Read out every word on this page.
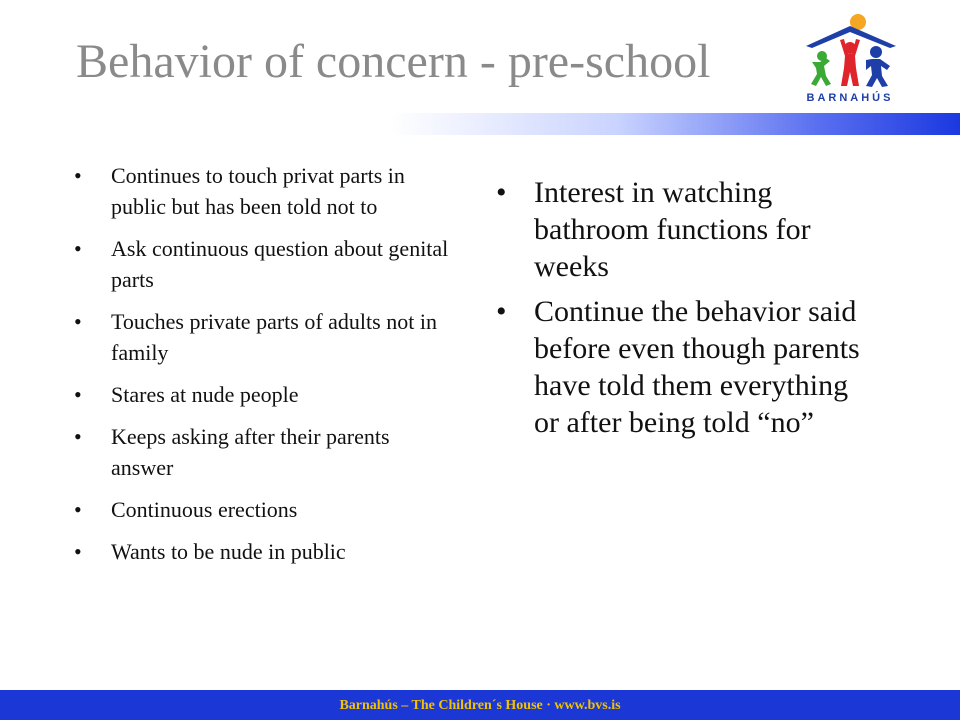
Behavior of concern - pre-school
BARNAHÚS
• Continues to touch privat parts in public but has been told not to
• Ask continuous question about genital parts
• Touches private parts of adults not in family
• Stares at nude people
• Keeps asking after their parents answer
• Continuous erections
• Wants to be nude in public
• Interest in watching bathroom functions for weeks
• Continue the behavior said before even though parents have told them everything or after being told “no”
Barnahús – The Children´s House · www.bvs.is
